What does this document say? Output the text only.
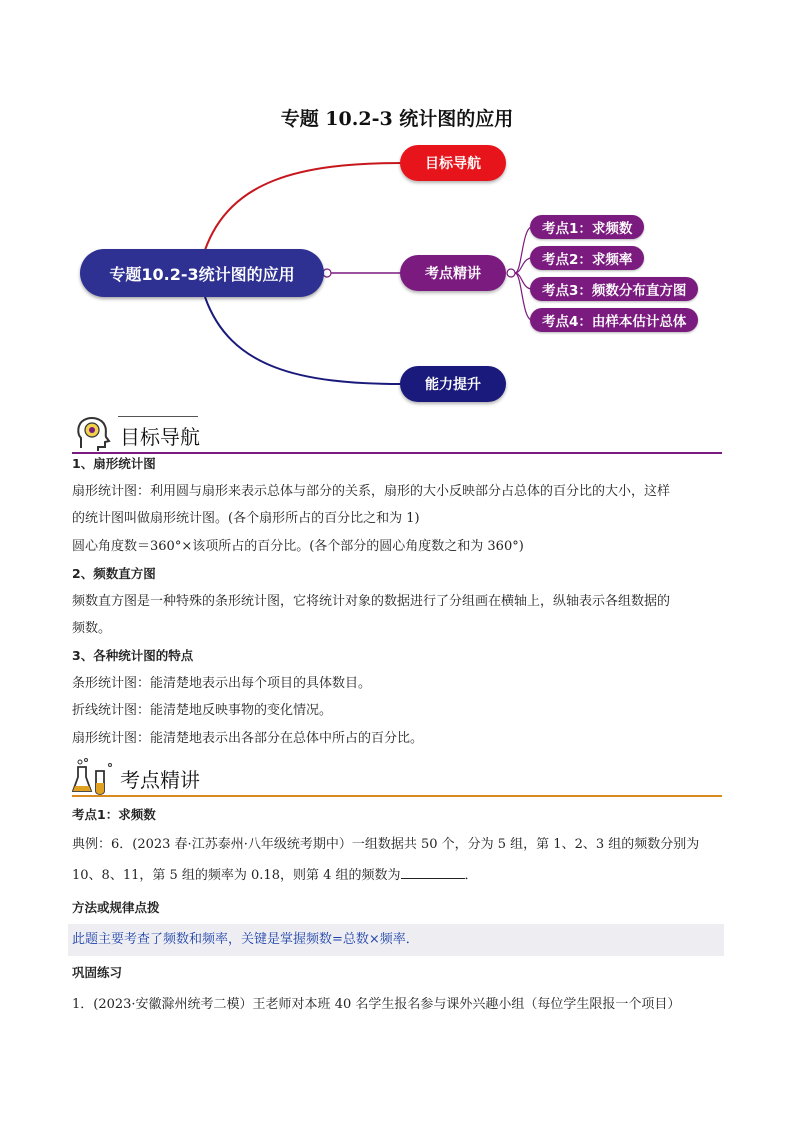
专题 10.2-3 统计图的应用
专题10.2-3统计图的应用
目标导航
考点精讲
能力提升
考点1：求频数
考点2：求频率
考点3：频数分布直方图
考点4：由样本估计总体
目标导航
1、扇形统计图
扇形统计图：利用圆与扇形来表示总体与部分的关系，扇形的大小反映部分占总体的百分比的大小，这样
的统计图叫做扇形统计图。(各个扇形所占的百分比之和为 1)
圆心角度数＝360°×该项所占的百分比。(各个部分的圆心角度数之和为 360°)
2、频数直方图
频数直方图是一种特殊的条形统计图，它将统计对象的数据进行了分组画在横轴上，纵轴表示各组数据的
频数。
3、各种统计图的特点
条形统计图：能清楚地表示出每个项目的具体数目。
折线统计图：能清楚地反映事物的变化情况。
扇形统计图：能清楚地表示出各部分在总体中所占的百分比。
考点精讲
考点1：求频数
典例：6．(2023 春·江苏泰州·八年级统考期中）一组数据共 50 个，分为 5 组，第 1、2、3 组的频数分别为
10、8、11，第 5 组的频率为 0.18，则第 4 组的频数为	．
方法或规律点拨
此题主要考查了频数和频率，关键是掌握频数=总数×频率．
巩固练习
1．(2023·安徽滁州统考二模）王老师对本班 40 名学生报名参与课外兴趣小组（每位学生限报一个项目）
